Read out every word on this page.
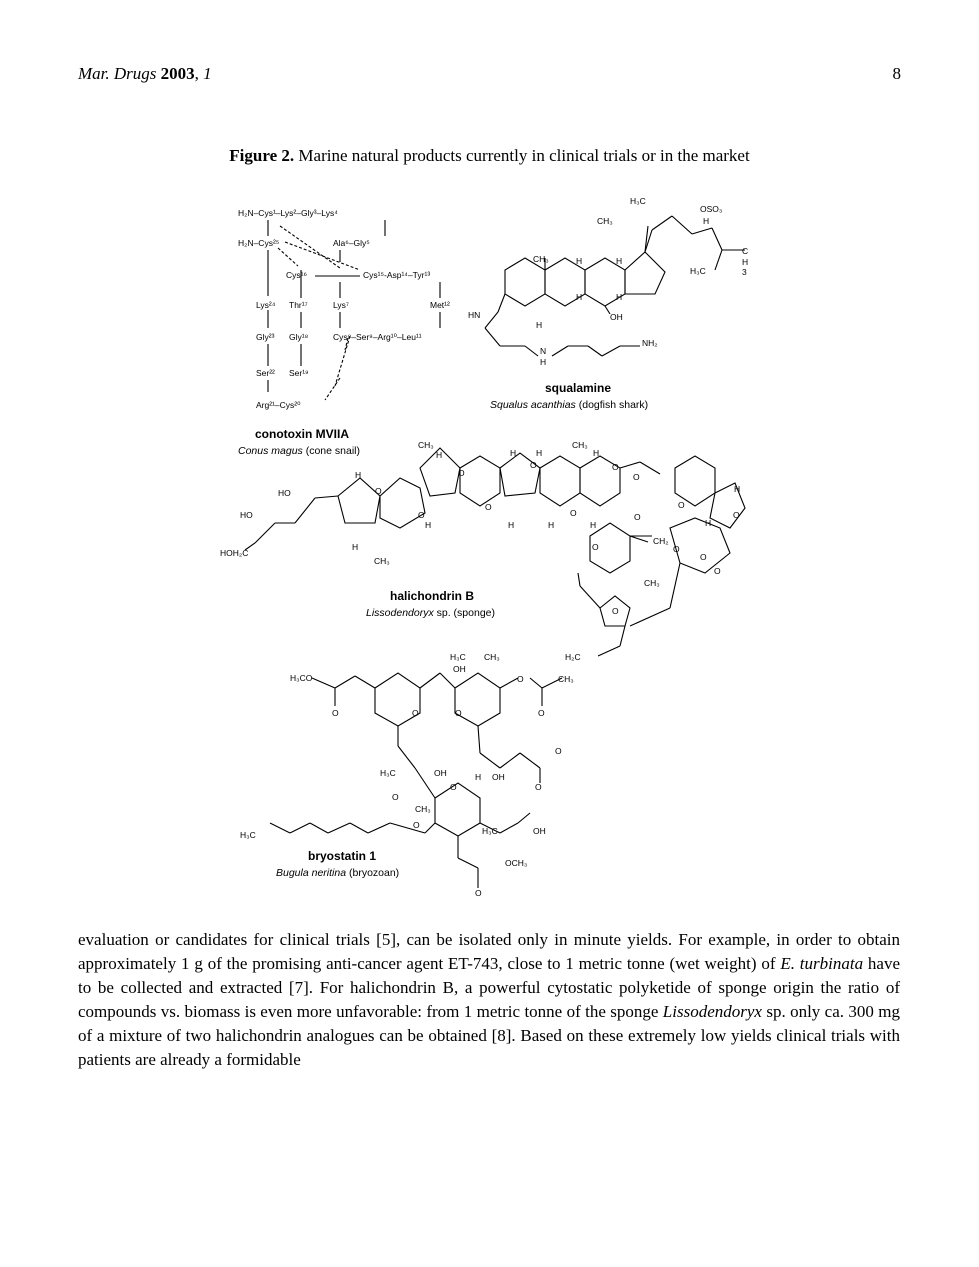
Mar. Drugs 2003, 1	8
Figure 2. Marine natural products currently in clinical trials or in the market
H₂N–Cys¹–Lys²–Gly³–Lys⁴
H₂N–Cys²⁵	Ala⁶–Gly⁵
Cys¹⁶	Cys¹⁵-Asp¹⁴–Tyr¹³
Lys²⁴ Thr¹⁷	Lys⁷	Met¹²
Gly²³ Gly¹⁸	Cys⁸–Ser⁹–Arg¹⁰–Leu¹¹
Ser²² Ser¹⁹
Arg²¹–Cys²⁰
H₃C
CH₃
OSO₃
H
C
H
3
H₃C
CH₃	H	H
H	H
H
OH
HN
N
H
NH₂
CH₃
H
CH₃
H H	H
O
O	O
O
O
O
O
O
H
H	H	H	H
H
CH₃
HO
HO
HOH₂C
O
H
H
O
O
CH₂
O
O
O
O
CH₃
O
H₂C
H₃C CH₃
OH
H₃CO	O	CH₃
O	O	O	O
O
H₃C	OH	H OH
O	O
O
CH₃
H₃C
O
H₃C	OH
OCH₃
O
conotoxin MVIIA
Conus magus (cone snail)
squalamine
Squalus acanthias (dogfish shark)
halichondrin B
Lissodendoryx sp. (sponge)
bryostatin 1
Bugula neritina (bryozoan)

evaluation or candidates for clinical trials [5], can be isolated only in minute yields. For example, in order to obtain approximately 1 g of the promising anti-cancer agent ET-743, close to 1 metric tonne (wet weight) of E. turbinata have to be collected and extracted [7]. For halichondrin B, a powerful cytostatic polyketide of sponge origin the ratio of compounds vs. biomass is even more unfavorable: from 1 metric tonne of the sponge Lissodendoryx sp. only ca. 300 mg of a mixture of two halichondrin analogues can be obtained [8]. Based on these extremely low yields clinical trials with patients are already a formidable
